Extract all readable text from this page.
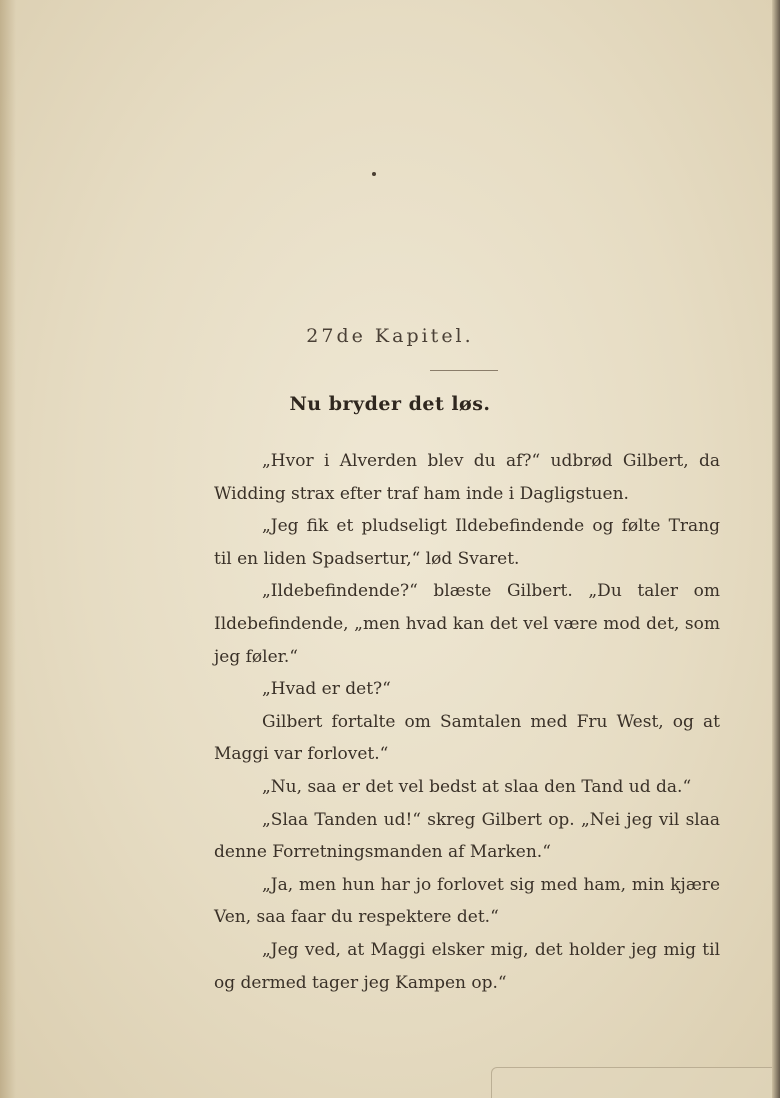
27de Kapitel.
Nu bryder det løs.

„Hvor i Alverden blev du af?“ udbrød Gilbert, da Widding strax efter traf ham inde i Dagligstuen.

„Jeg fik et pludseligt Ildebefindende og følte Trang til en liden Spadsertur,“ lød Svaret.

„Ildebefindende?“ blæste Gilbert. „Du taler om Ildebefindende, „men hvad kan det vel være mod det, som jeg føler.“

„Hvad er det?“

Gilbert fortalte om Samtalen med Fru West, og at Maggi var forlovet.“

„Nu, saa er det vel bedst at slaa den Tand ud da.“

„Slaa Tanden ud!“ skreg Gilbert op. „Nei jeg vil slaa denne Forretningsmanden af Marken.“

„Ja, men hun har jo forlovet sig med ham, min kjære Ven, saa faar du respektere det.“

„Jeg ved, at Maggi elsker mig, det holder jeg mig til og dermed tager jeg Kampen op.“
